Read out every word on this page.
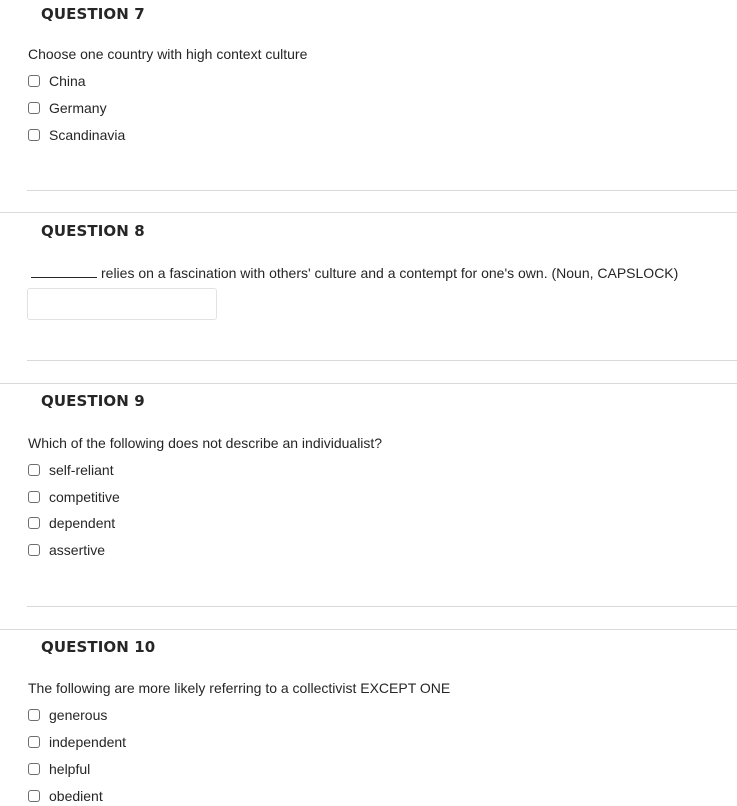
QUESTION 7
Choose one country with high context culture
China
Germany
Scandinavia
QUESTION 8
relies on a fascination with others' culture and a contempt for one's own. (Noun, CAPSLOCK)
QUESTION 9
Which of the following does not describe an individualist?
self-reliant
competitive
dependent
assertive
QUESTION 10
The following are more likely referring to a collectivist EXCEPT ONE
generous
independent
helpful
obedient
